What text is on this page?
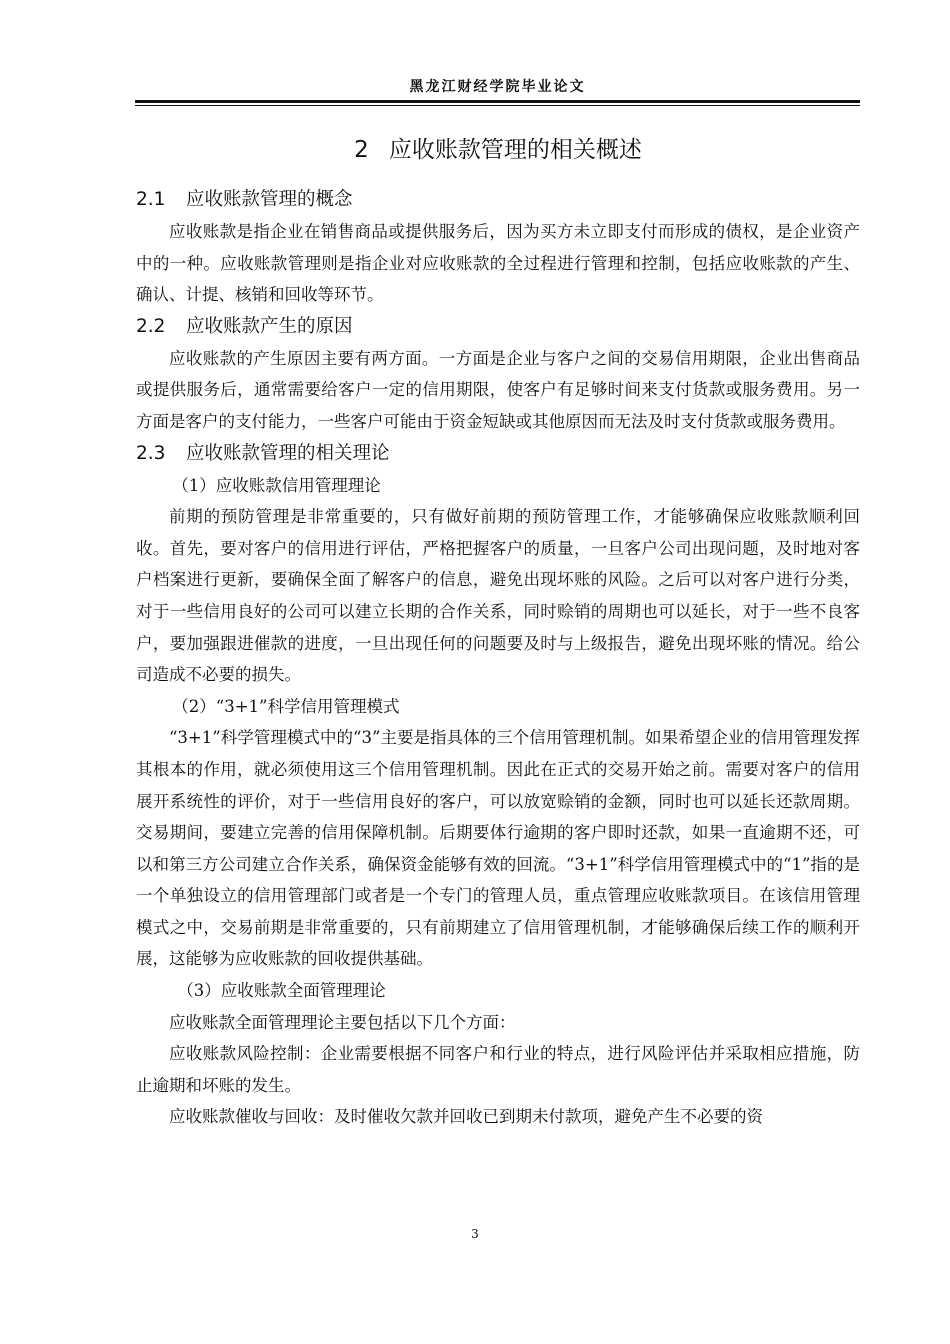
黑龙江财经学院毕业论文
2 应收账款管理的相关概述
2.1 应收账款管理的概念

应收账款是指企业在销售商品或提供服务后，因为买方未立即支付而形成的债权，是企业资产中的一种。应收账款管理则是指企业对应收账款的全过程进行管理和控制，包括应收账款的产生、确认、计提、核销和回收等环节。

2.2 应收账款产生的原因

应收账款的产生原因主要有两方面。一方面是企业与客户之间的交易信用期限，企业出售商品或提供服务后，通常需要给客户一定的信用期限，使客户有足够时间来支付货款或服务费用。另一方面是客户的支付能力，一些客户可能由于资金短缺或其他原因而无法及时支付货款或服务费用。

2.3 应收账款管理的相关理论

（1）应收账款信用管理理论

前期的预防管理是非常重要的，只有做好前期的预防管理工作，才能够确保应收账款顺利回收。首先，要对客户的信用进行评估，严格把握客户的质量，一旦客户公司出现问题，及时地对客户档案进行更新，要确保全面了解客户的信息，避免出现坏账的风险。之后可以对客户进行分类，对于一些信用良好的公司可以建立长期的合作关系，同时赊销的周期也可以延长，对于一些不良客户，要加强跟进催款的进度，一旦出现任何的问题要及时与上级报告，避免出现坏账的情况。给公司造成不必要的损失。

（2）“3+1”科学信用管理模式

“3+1”科学管理模式中的“3”主要是指具体的三个信用管理机制。如果希望企业的信用管理发挥其根本的作用，就必须使用这三个信用管理机制。因此在正式的交易开始之前。需要对客户的信用展开系统性的评价，对于一些信用良好的客户，可以放宽赊销的金额，同时也可以延长还款周期。交易期间，要建立完善的信用保障机制。后期要体行逾期的客户即时还款，如果一直逾期不还，可以和第三方公司建立合作关系，确保资金能够有效的回流。“3+1”科学信用管理模式中的“1”指的是一个单独设立的信用管理部门或者是一个专门的管理人员，重点管理应收账款项目。在该信用管理模式之中，交易前期是非常重要的，只有前期建立了信用管理机制，才能够确保后续工作的顺利开展，这能够为应收账款的回收提供基础。

（3）应收账款全面管理理论

应收账款全面管理理论主要包括以下几个方面：

应收账款风险控制：企业需要根据不同客户和行业的特点，进行风险评估并采取相应措施，防止逾期和坏账的发生。

应收账款催收与回收：及时催收欠款并回收已到期未付款项，避免产生不必要的资

3
